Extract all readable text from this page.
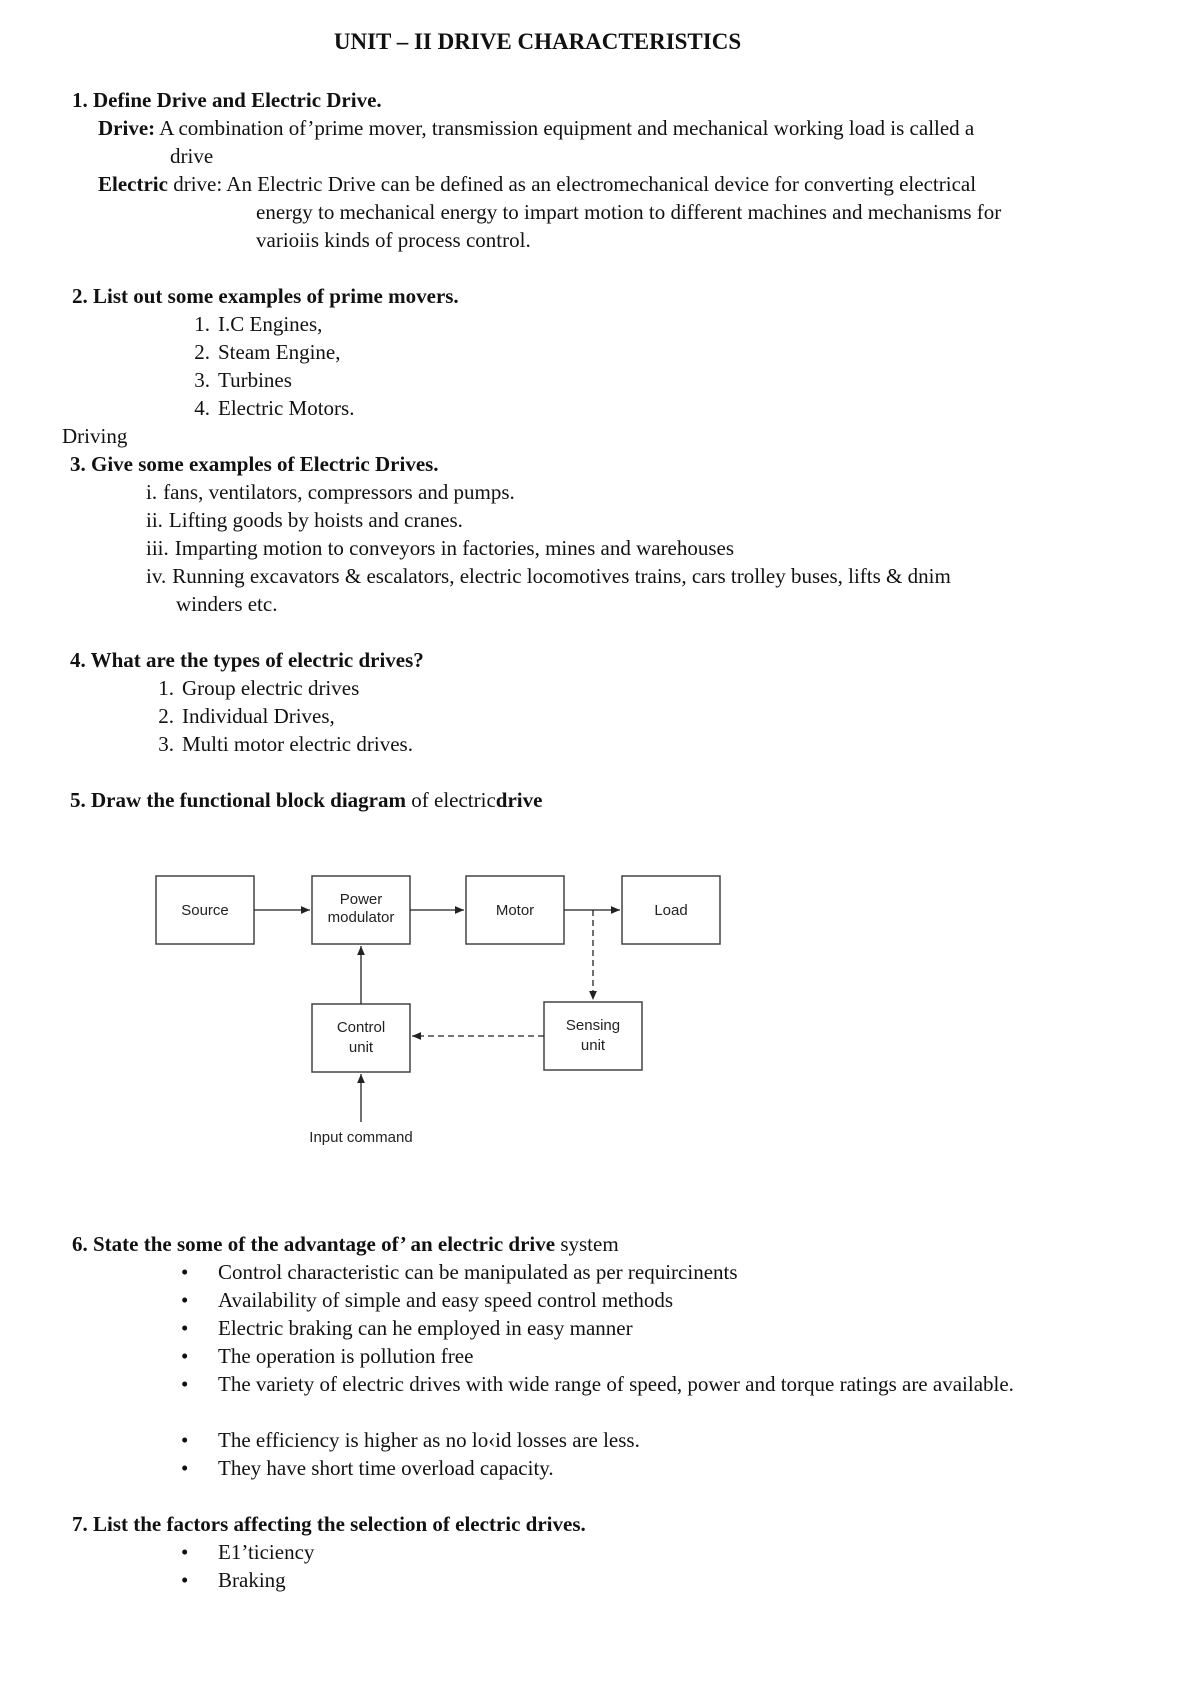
UNIT – II DRIVE CHARACTERISTICS
1. Define Drive and Electric Drive.
Drive: A combination of’prime mover, transmission equipment and mechanical working load is called a
drive
Electric drive: An Electric Drive can be defined as an electromechanical device for converting electrical
energy to mechanical energy to impart motion to different machines and mechanisms for
varioiis kinds of process control.
2. List out some examples of prime movers.
1. I.C Engines,
2. Steam Engine,
3. Turbines
4. Electric Motors.
Driving
3. Give some examples of Electric Drives.
i. fans, ventilators, compressors and pumps.
ii. Lifting goods by hoists and cranes.
iii. Imparting motion to conveyors in factories, mines and warehouses
iv. Running excavators & escalators, electric locomotives trains, cars trolley buses, lifts & dnim
winders etc.
4. What are the types of electric drives?
1. Group electric drives
2. Individual Drives,
3. Multi motor electric drives.
5. Draw the functional block diagram of electricdrive
Source
Power
modulator	Motor	Load
Control
unit
Sensing
unit
Input command
6. State the some of the advantage of’ an electric drive system
Control characteristic can be manipulated as per requircinents
Availability of simple and easy speed control methods
Electric braking can he employed in easy manner
The operation is pollution free
The variety of electric drives with wide range of speed, power and torque ratings are available.
The efficiency is higher as no lo‹id losses are less.
They have short time overload capacity.
7. List the factors affecting the selection of electric drives.
E1’ticiency
Braking
